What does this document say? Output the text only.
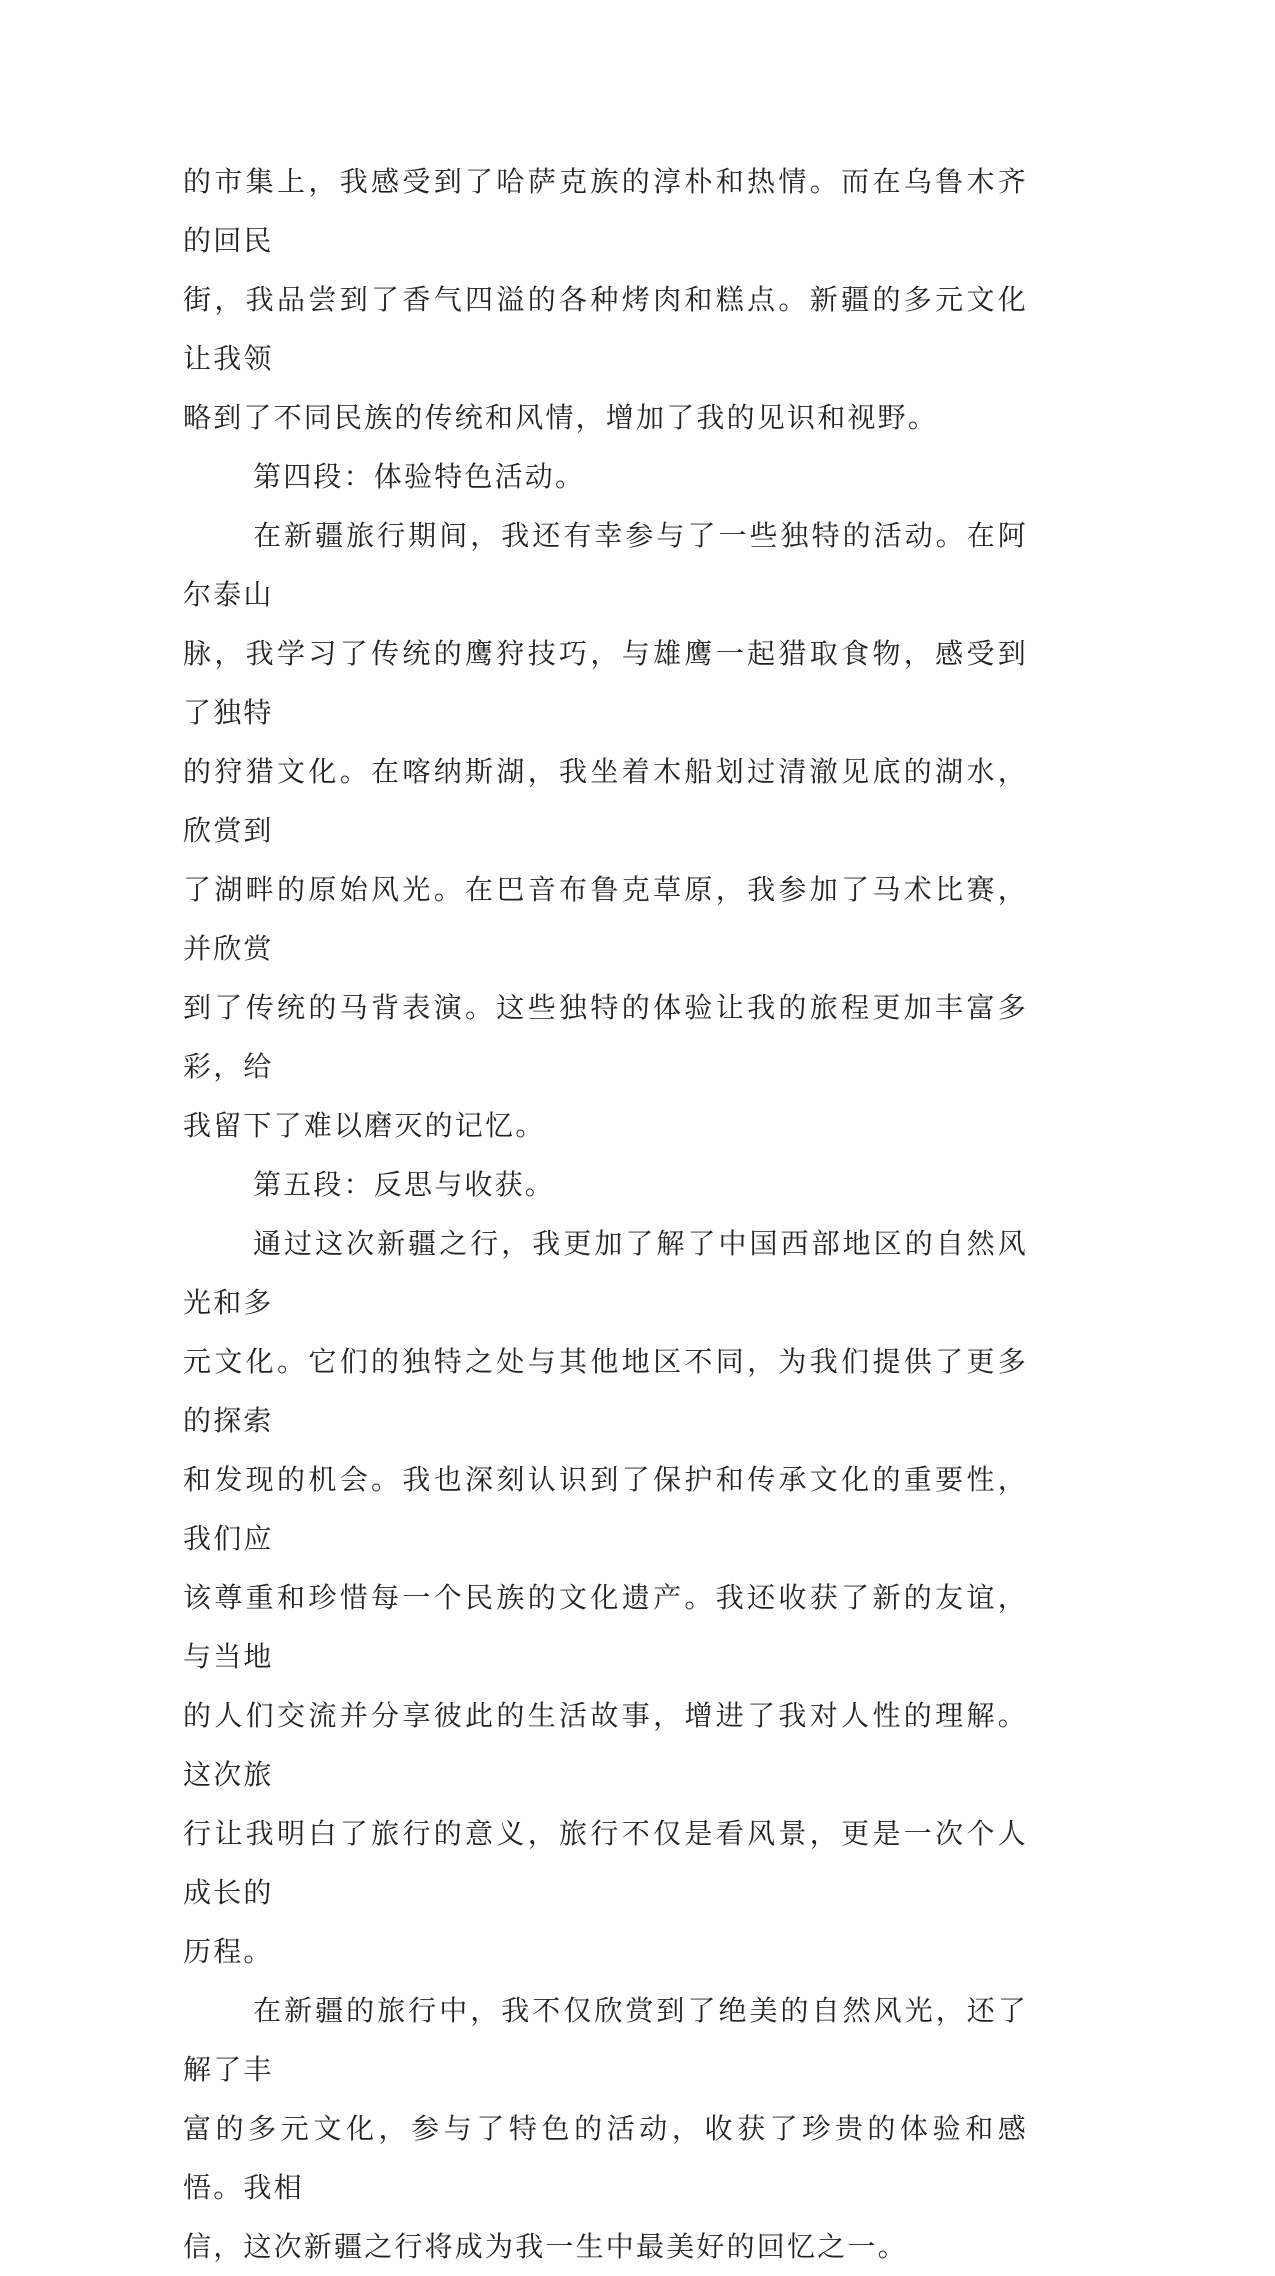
的市集上，我感受到了哈萨克族的淳朴和热情。而在乌鲁木齐的回民
街，我品尝到了香气四溢的各种烤肉和糕点。新疆的多元文化让我领
略到了不同民族的传统和风情，增加了我的见识和视野。

第四段：体验特色活动。

在新疆旅行期间，我还有幸参与了一些独特的活动。在阿尔泰山
脉，我学习了传统的鹰狩技巧，与雄鹰一起猎取食物，感受到了独特
的狩猎文化。在喀纳斯湖，我坐着木船划过清澈见底的湖水，欣赏到
了湖畔的原始风光。在巴音布鲁克草原，我参加了马术比赛，并欣赏
到了传统的马背表演。这些独特的体验让我的旅程更加丰富多彩，给
我留下了难以磨灭的记忆。

第五段：反思与收获。

通过这次新疆之行，我更加了解了中国西部地区的自然风光和多
元文化。它们的独特之处与其他地区不同，为我们提供了更多的探索
和发现的机会。我也深刻认识到了保护和传承文化的重要性，我们应
该尊重和珍惜每一个民族的文化遗产。我还收获了新的友谊，与当地
的人们交流并分享彼此的生活故事，增进了我对人性的理解。这次旅
行让我明白了旅行的意义，旅行不仅是看风景，更是一次个人成长的
历程。

在新疆的旅行中，我不仅欣赏到了绝美的自然风光，还了解了丰
富的多元文化，参与了特色的活动，收获了珍贵的体验和感悟。我相
信，这次新疆之行将成为我一生中最美好的回忆之一。
